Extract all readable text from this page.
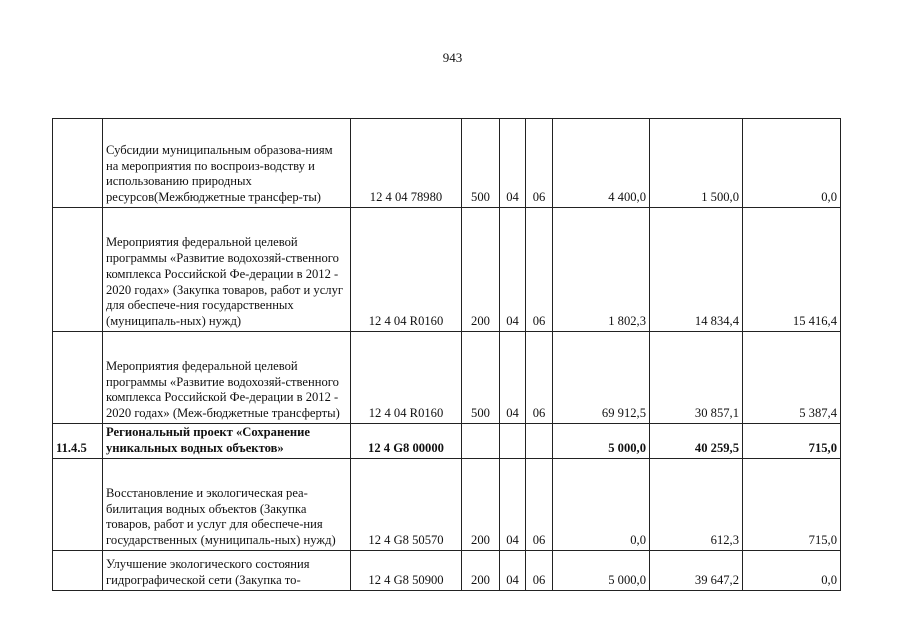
943
	Субсидии муниципальным образова-ниям на мероприятия по воспроиз-водству и использованию природных ресурсов(Межбюджетные трансфер-ты)	12 4 04 78980	500	04	06	4 400,0	1 500,0	0,0
	Мероприятия федеральной целевой программы «Развитие водохозяй-ственного комплекса Российской Фе-дерации в 2012 - 2020 годах» (Закупка товаров, работ и услуг для обеспече-ния государственных (муниципаль-ных) нужд)	12 4 04 R0160	200	04	06	1 802,3	14 834,4	15 416,4
	Мероприятия федеральной целевой программы «Развитие водохозяй-ственного комплекса Российской Фе-дерации в 2012 - 2020 годах» (Меж-бюджетные трансферты)	12 4 04 R0160	500	04	06	69 912,5	30 857,1	5 387,4
11.4.5	Региональный проект «Сохранение уникальных водных объектов»	12 4 G8 00000				5 000,0	40 259,5	715,0
	Восстановление и экологическая реа-билитация водных объектов (Закупка товаров, работ и услуг для обеспече-ния государственных (муниципаль-ных) нужд)	12 4 G8 50570	200	04	06	0,0	612,3	715,0
	Улучшение экологического состояния гидрографической сети (Закупка то-	12 4 G8 50900	200	04	06	5 000,0	39 647,2	0,0
